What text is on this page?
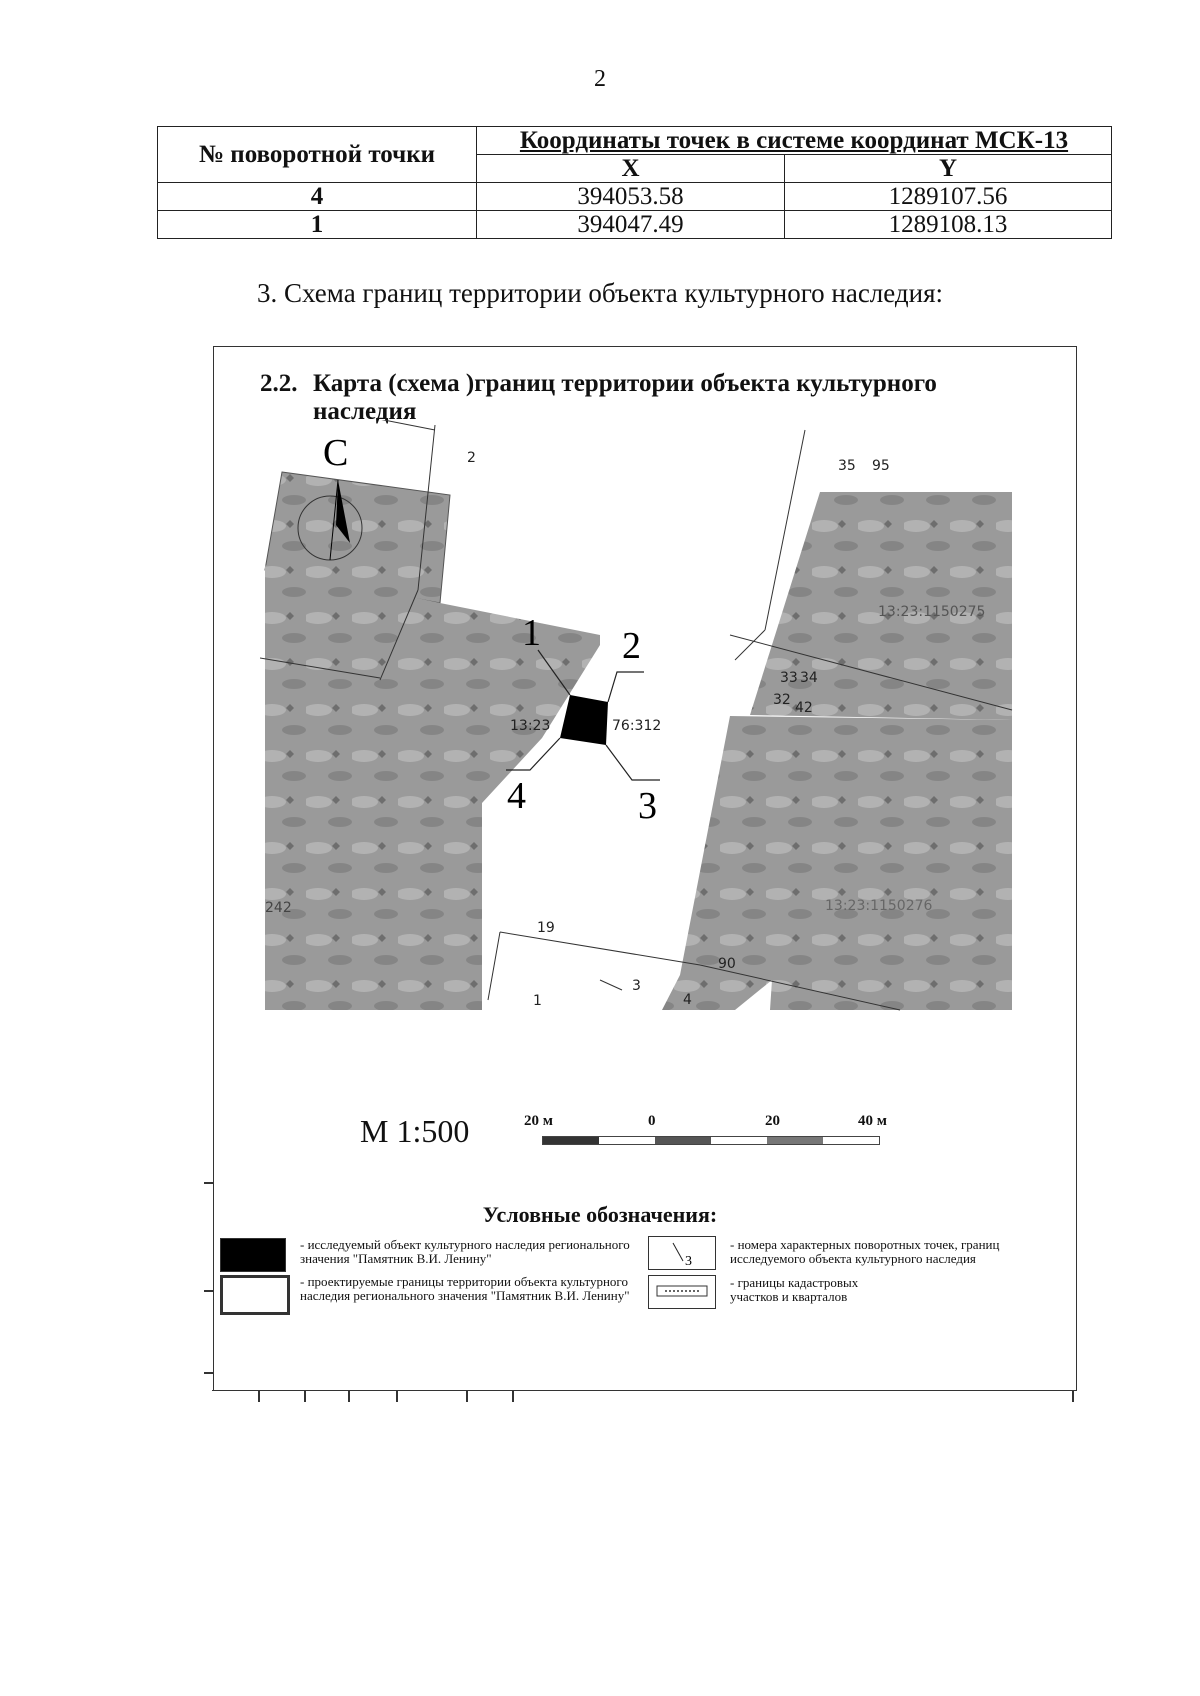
2
№ поворотной точки	Координаты точек в системе координат МСК-13	
	X	Y
4	394053.58	1289107.56
1	394047.49	1289108.13
3. Схема границ территории объекта культурного наследия:
2.2. Карта (схема )границ территории объекта культурного наследия
1 2
3
4
С
13:23	76:312
13:23:1150275
13:23:1150276
35 95
33 34
32 42
19
1
3
4
90
2
242
М 1:500	20 м	0	20	40 м
Условные обозначения:
- исследуемый объект культурного наследия регионального значения "Памятник В.И. Ленину"
- проектируемые границы территории объекта культурного наследия регионального значения "Памятник В.И. Ленину"
3
- номера характерных поворотных точек, границ исследуемого объекта культурного наследия
- границы кадастровых участков и кварталов
